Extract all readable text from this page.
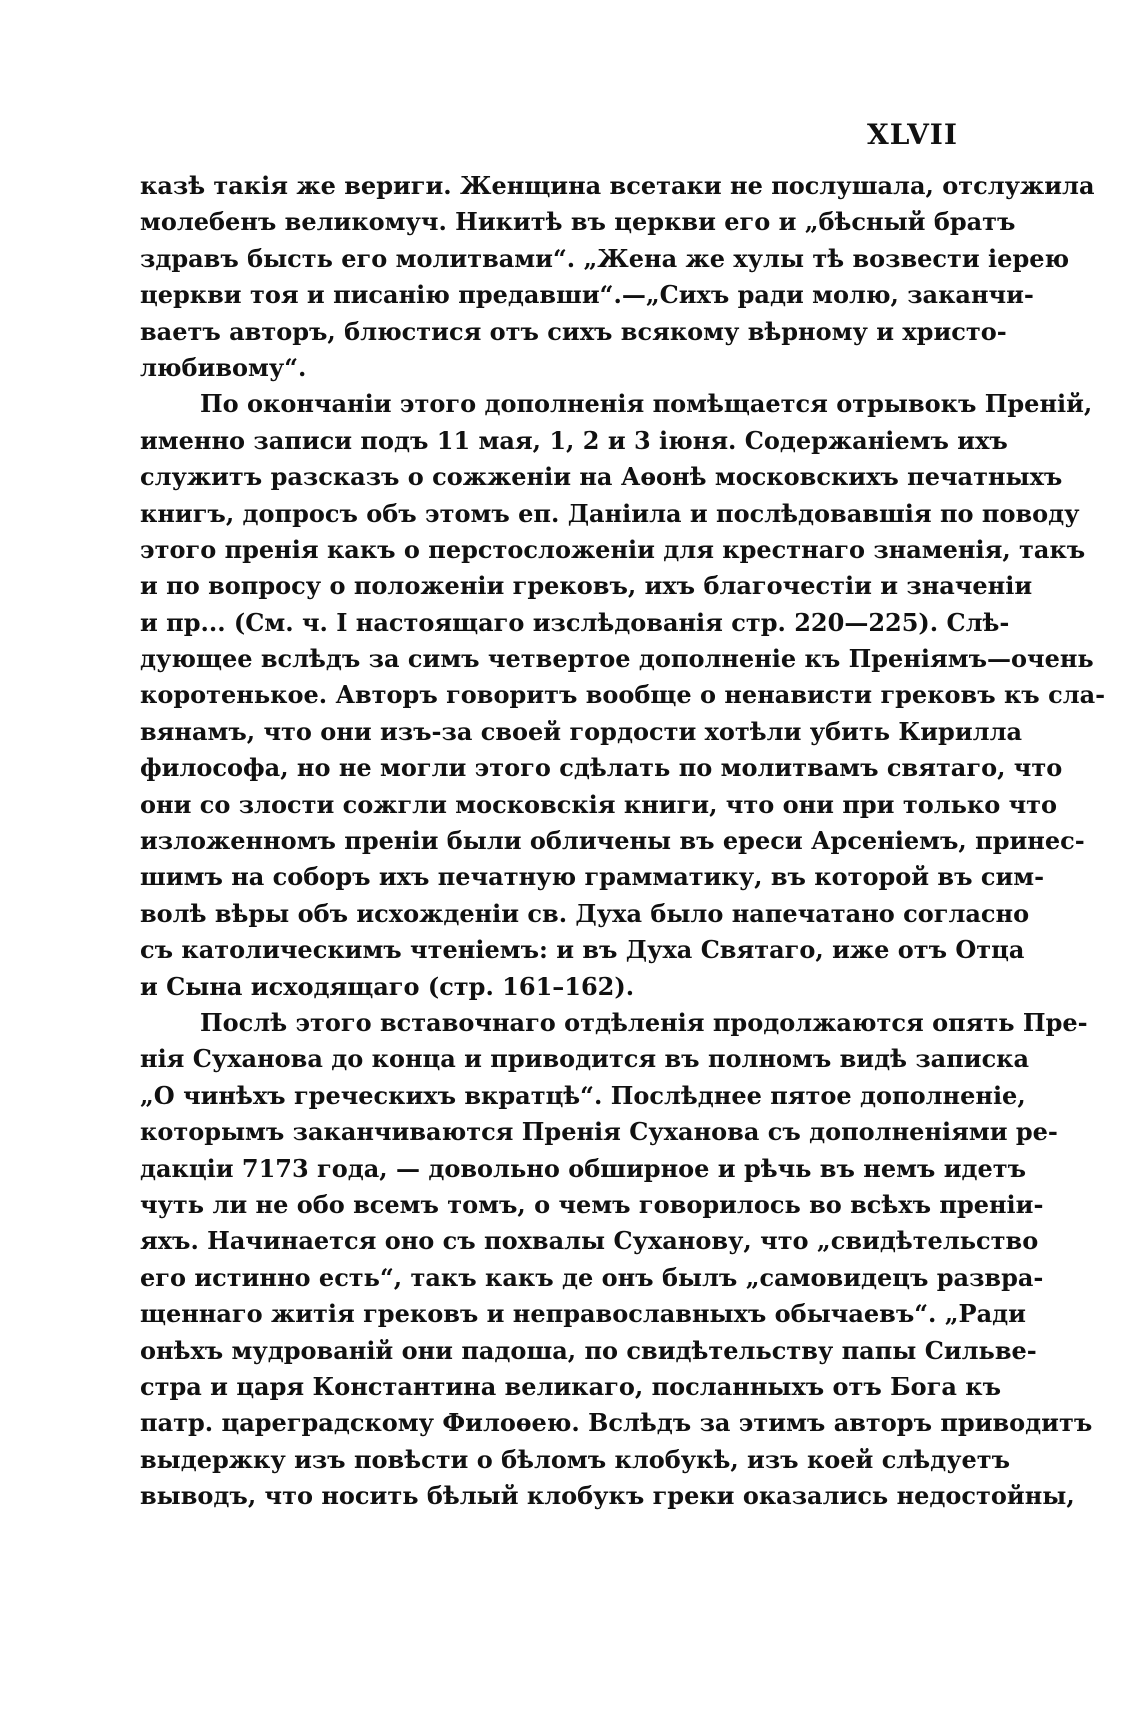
XLVII
казѣ такія же вериги. Женщина всетаки не послушала, отслужила
молебенъ великомуч. Никитѣ въ церкви его и „бѣсный братъ
здравъ бысть его молитвами“. „Жена же хулы тѣ возвести іерею
церкви тоя и писанію предавши“.—„Сихъ ради молю, заканчи-
ваетъ авторъ, блюстися отъ сихъ всякому вѣрному и христо-
любивому“.
По окончаніи этого дополненія помѣщается отрывокъ Преній,
именно записи подъ 11 мая, 1, 2 и 3 іюня. Содержаніемъ ихъ
служитъ разсказъ о сожженіи на Аѳонѣ московскихъ печатныхъ
книгъ, допросъ объ этомъ еп. Даніила и послѣдовавшія по поводу
этого пренія какъ о перстосложеніи для крестнаго знаменія, такъ
и по вопросу о положеніи грековъ, ихъ благочестіи и значеніи
и пр... (См. ч. I настоящаго изслѣдованія стр. 220—225). Слѣ-
дующее вслѣдъ за симъ четвертое дополненіе къ Преніямъ—очень
коротенькое. Авторъ говоритъ вообще о ненависти грековъ къ сла-
вянамъ, что они изъ-за своей гордости хотѣли убить Кирилла
философа, но не могли этого сдѣлать по молитвамъ святаго, что
они со злости сожгли московскія книги, что они при только что
изложенномъ преніи были обличены въ ереси Арсеніемъ, принес-
шимъ на соборъ ихъ печатную грамматику, въ которой въ сим-
волѣ вѣры объ исхожденіи св. Духа было напечатано согласно
съ католическимъ чтеніемъ: и въ Духа Святаго, иже отъ Отца
и Сына исходящаго (стр. 161–162).
Послѣ этого вставочнаго отдѣленія продолжаются опять Пре-
нія Суханова до конца и приводится въ полномъ видѣ записка
„О чинѣхъ греческихъ вкратцѣ“. Послѣднее пятое дополненіе,
которымъ заканчиваются Пренія Суханова съ дополненіями ре-
дакціи 7173 года, — довольно обширное и рѣчь въ немъ идетъ
чуть ли не обо всемъ томъ, о чемъ говорилось во всѣхъ преніи-
яхъ. Начинается оно съ похвалы Суханову, что „свидѣтельство
его истинно есть“, такъ какъ де онъ былъ „самовидецъ развра-
щеннаго житія грековъ и неправославныхъ обычаевъ“. „Ради
онѣхъ мудрованій они падоша, по свидѣтельству папы Сильве-
стра и царя Константина великаго, посланныхъ отъ Бога къ
патр. цареградскому Филоѳею. Вслѣдъ за этимъ авторъ приводитъ
выдержку изъ повѣсти о бѣломъ клобукѣ, изъ коей слѣдуетъ
выводъ, что носить бѣлый клобукъ греки оказались недостойны,
